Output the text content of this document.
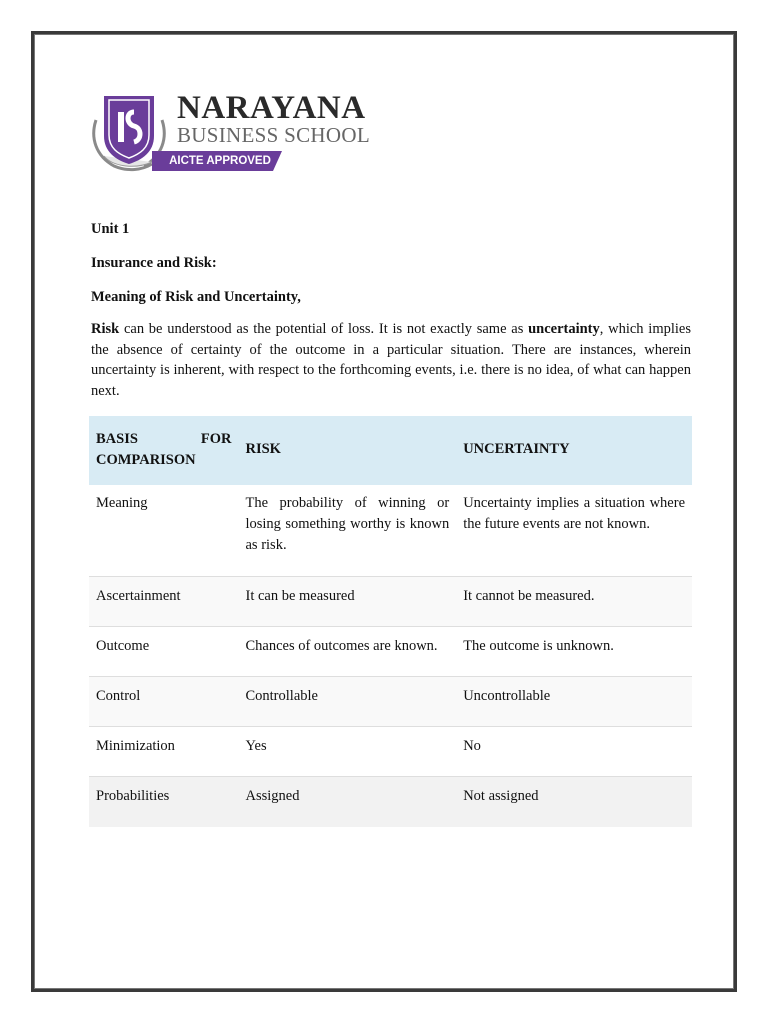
NARAYANA
BUSINESS SCHOOL
AICTE APPROVED

Unit 1

Insurance and Risk:

Meaning of Risk and Uncertainty,

Risk can be understood as the potential of loss. It is not exactly same as uncertainty, which implies the absence of certainty of the outcome in a particular situation. There are instances, wherein uncertainty is inherent, with respect to the forthcoming events, i.e. there is no idea, of what can happen next.

BASIS FOR COMPARISON	RISK	UNCERTAINTY
Meaning	The probability of winning or losing something worthy is known as risk.	Uncertainty implies a situation where the future events are not known.
Ascertainment	It can be measured	It cannot be measured.
Outcome	Chances of outcomes are known.	The outcome is unknown.
Control	Controllable	Uncontrollable
Minimization	Yes	No
Probabilities	Assigned	Not assigned
